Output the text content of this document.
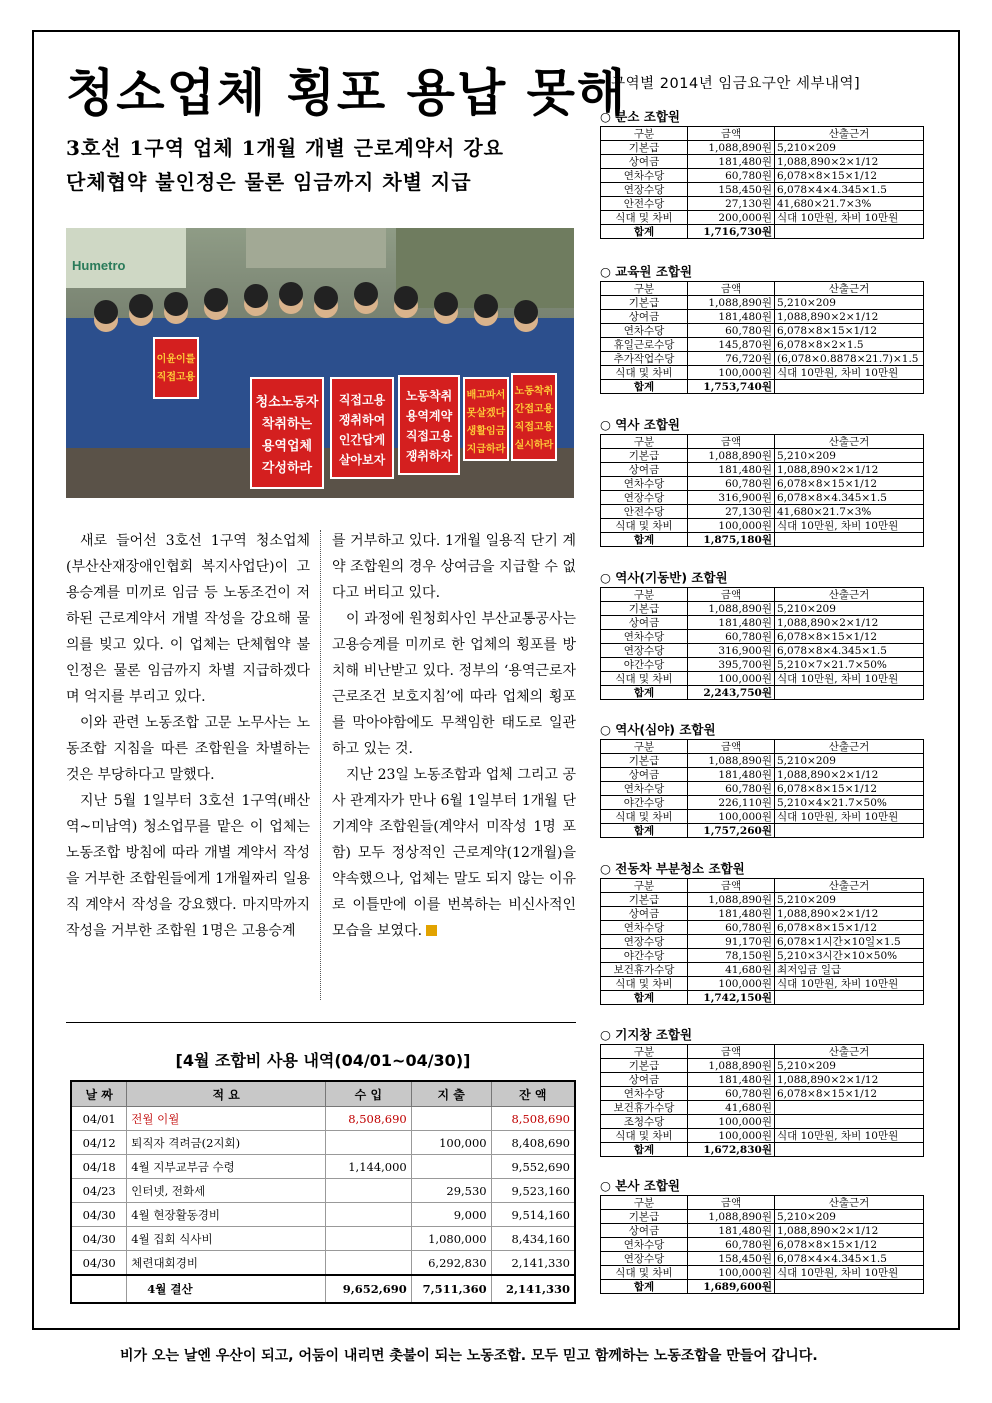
청소업체 횡포 용납 못해
3호선 1구역 업체 1개월 개별 근로계약서 강요
단체협약 불인정은 물론 임금까지 차별 지급
Humetro
청소노동자
착취하는
용역업체
각성하라
직접고용
쟁취하여
인간답게
살아보자
노동착취
용역계약
직접고용
쟁취하자
배고파서
못살겠다
생활임금
지급하라
노동착취
간접고용
직접고용
실시하라
이윤이를
직접고용

새로 들어선 3호선 1구역 청소업체(부산산재장애인협회 복지사업단)이 고용승계를 미끼로 임금 등 노동조건이 저하된 근로계약서 개별 작성을 강요해 물의를 빚고 있다. 이 업체는 단체협약 불인정은 물론 임금까지 차별 지급하겠다며 억지를 부리고 있다.

이와 관련 노동조합 고문 노무사는 노동조합 지침을 따른 조합원을 차별하는 것은 부당하다고 말했다.

지난 5월 1일부터 3호선 1구역(배산역~미남역) 청소업무를 맡은 이 업체는 노동조합 방침에 따라 개별 계약서 작성을 거부한 조합원들에게 1개월짜리 일용직 계약서 작성을 강요했다. 마지막까지 작성을 거부한 조합원 1명은 고용승계

를 거부하고 있다. 1개월 일용직 단기 계약 조합원의 경우 상여금을 지급할 수 없다고 버티고 있다.

이 과정에 원청회사인 부산교통공사는 고용승계를 미끼로 한 업체의 횡포를 방치해 비난받고 있다. 정부의 ‘용역근로자 근로조건 보호지침’에 따라 업체의 횡포를 막아야함에도 무책임한 태도로 일관하고 있는 것.

지난 23일 노동조합과 업체 그리고 공사 관계자가 만나 6월 1일부터 1개월 단기계약 조합원들(계약서 미작성 1명 포함) 모두 정상적인 근로계약(12개월)을 약속했으나, 업체는 말도 되지 않는 이유로 이틀만에 이를 번복하는 비신사적인 모습을 보였다.

[4월 조합비 사용 내역(04/01~04/30)]
날 짜	적 요	수 입	지 출	잔 액
04/01	전월 이월	8,508,690		8,508,690
04/12	퇴직자 격려금(2지회)		100,000	8,408,690
04/18	4월 지부교부금 수령	1,144,000		9,552,690
04/23	인터넷, 전화세		29,530	9,523,160
04/30	4월 현장활동경비		9,000	9,514,160
04/30	4월 집회 식사비		1,080,000	8,434,160
04/30	체련대회경비		6,292,830	2,141,330
	4월 결산	9,652,690	7,511,360	2,141,330
[구역별 2014년 임금요구안 세부내역]
○ 분소 조합원
구분	금액	산출근거
기본급	1,088,890원	5,210×209
상여금	181,480원	1,088,890×2×1/12
연차수당	60,780원	6,078×8×15×1/12
연장수당	158,450원	6,078×4×4.345×1.5
안전수당	27,130원	41,680×21.7×3%
식대 및 차비	200,000원	식대 10만원, 차비 10만원
합계	1,716,730원	
○ 교육원 조합원
구분	금액	산출근거
기본급	1,088,890원	5,210×209
상여금	181,480원	1,088,890×2×1/12
연차수당	60,780원	6,078×8×15×1/12
휴일근로수당	145,870원	6,078×8×2×1.5
추가작업수당	76,720원	(6,078×0.8878×21.7)×1.5
식대 및 차비	100,000원	식대 10만원, 차비 10만원
합계	1,753,740원	
○ 역사 조합원
구분	금액	산출근거
기본급	1,088,890원	5,210×209
상여금	181,480원	1,088,890×2×1/12
연차수당	60,780원	6,078×8×15×1/12
연장수당	316,900원	6,078×8×4.345×1.5
안전수당	27,130원	41,680×21.7×3%
식대 및 차비	100,000원	식대 10만원, 차비 10만원
합계	1,875,180원	
○ 역사(기동반) 조합원
구분	금액	산출근거
기본급	1,088,890원	5,210×209
상여금	181,480원	1,088,890×2×1/12
연차수당	60,780원	6,078×8×15×1/12
연장수당	316,900원	6,078×8×4.345×1.5
야간수당	395,700원	5,210×7×21.7×50%
식대 및 차비	100,000원	식대 10만원, 차비 10만원
합계	2,243,750원	
○ 역사(심야) 조합원
구분	금액	산출근거
기본급	1,088,890원	5,210×209
상여금	181,480원	1,088,890×2×1/12
연차수당	60,780원	6,078×8×15×1/12
야간수당	226,110원	5,210×4×21.7×50%
식대 및 차비	100,000원	식대 10만원, 차비 10만원
합계	1,757,260원	
○ 전동차 부분청소 조합원
구분	금액	산출근거
기본급	1,088,890원	5,210×209
상여금	181,480원	1,088,890×2×1/12
연차수당	60,780원	6,078×8×15×1/12
연장수당	91,170원	6,078×1시간×10일×1.5
야간수당	78,150원	5,210×3시간×10×50%
보건휴가수당	41,680원	최저임금 일급
식대 및 차비	100,000원	식대 10만원, 차비 10만원
합계	1,742,150원	
○ 기지창 조합원
구분	금액	산출근거
기본급	1,088,890원	5,210×209
상여금	181,480원	1,088,890×2×1/12
연차수당	60,780원	6,078×8×15×1/12
보건휴가수당	41,680원	
조청수당	100,000원	
식대 및 차비	100,000원	식대 10만원, 차비 10만원
합계	1,672,830원	
○ 본사 조합원
구분	금액	산출근거
기본급	1,088,890원	5,210×209
상여금	181,480원	1,088,890×2×1/12
연차수당	60,780원	6,078×8×15×1/12
연장수당	158,450원	6,078×4×4.345×1.5
식대 및 차비	100,000원	식대 10만원, 차비 10만원
합계	1,689,600원	
비가 오는 날엔 우산이 되고, 어둠이 내리면 촛불이 되는 노동조합. 모두 믿고 함께하는 노동조합을 만들어 갑니다.
